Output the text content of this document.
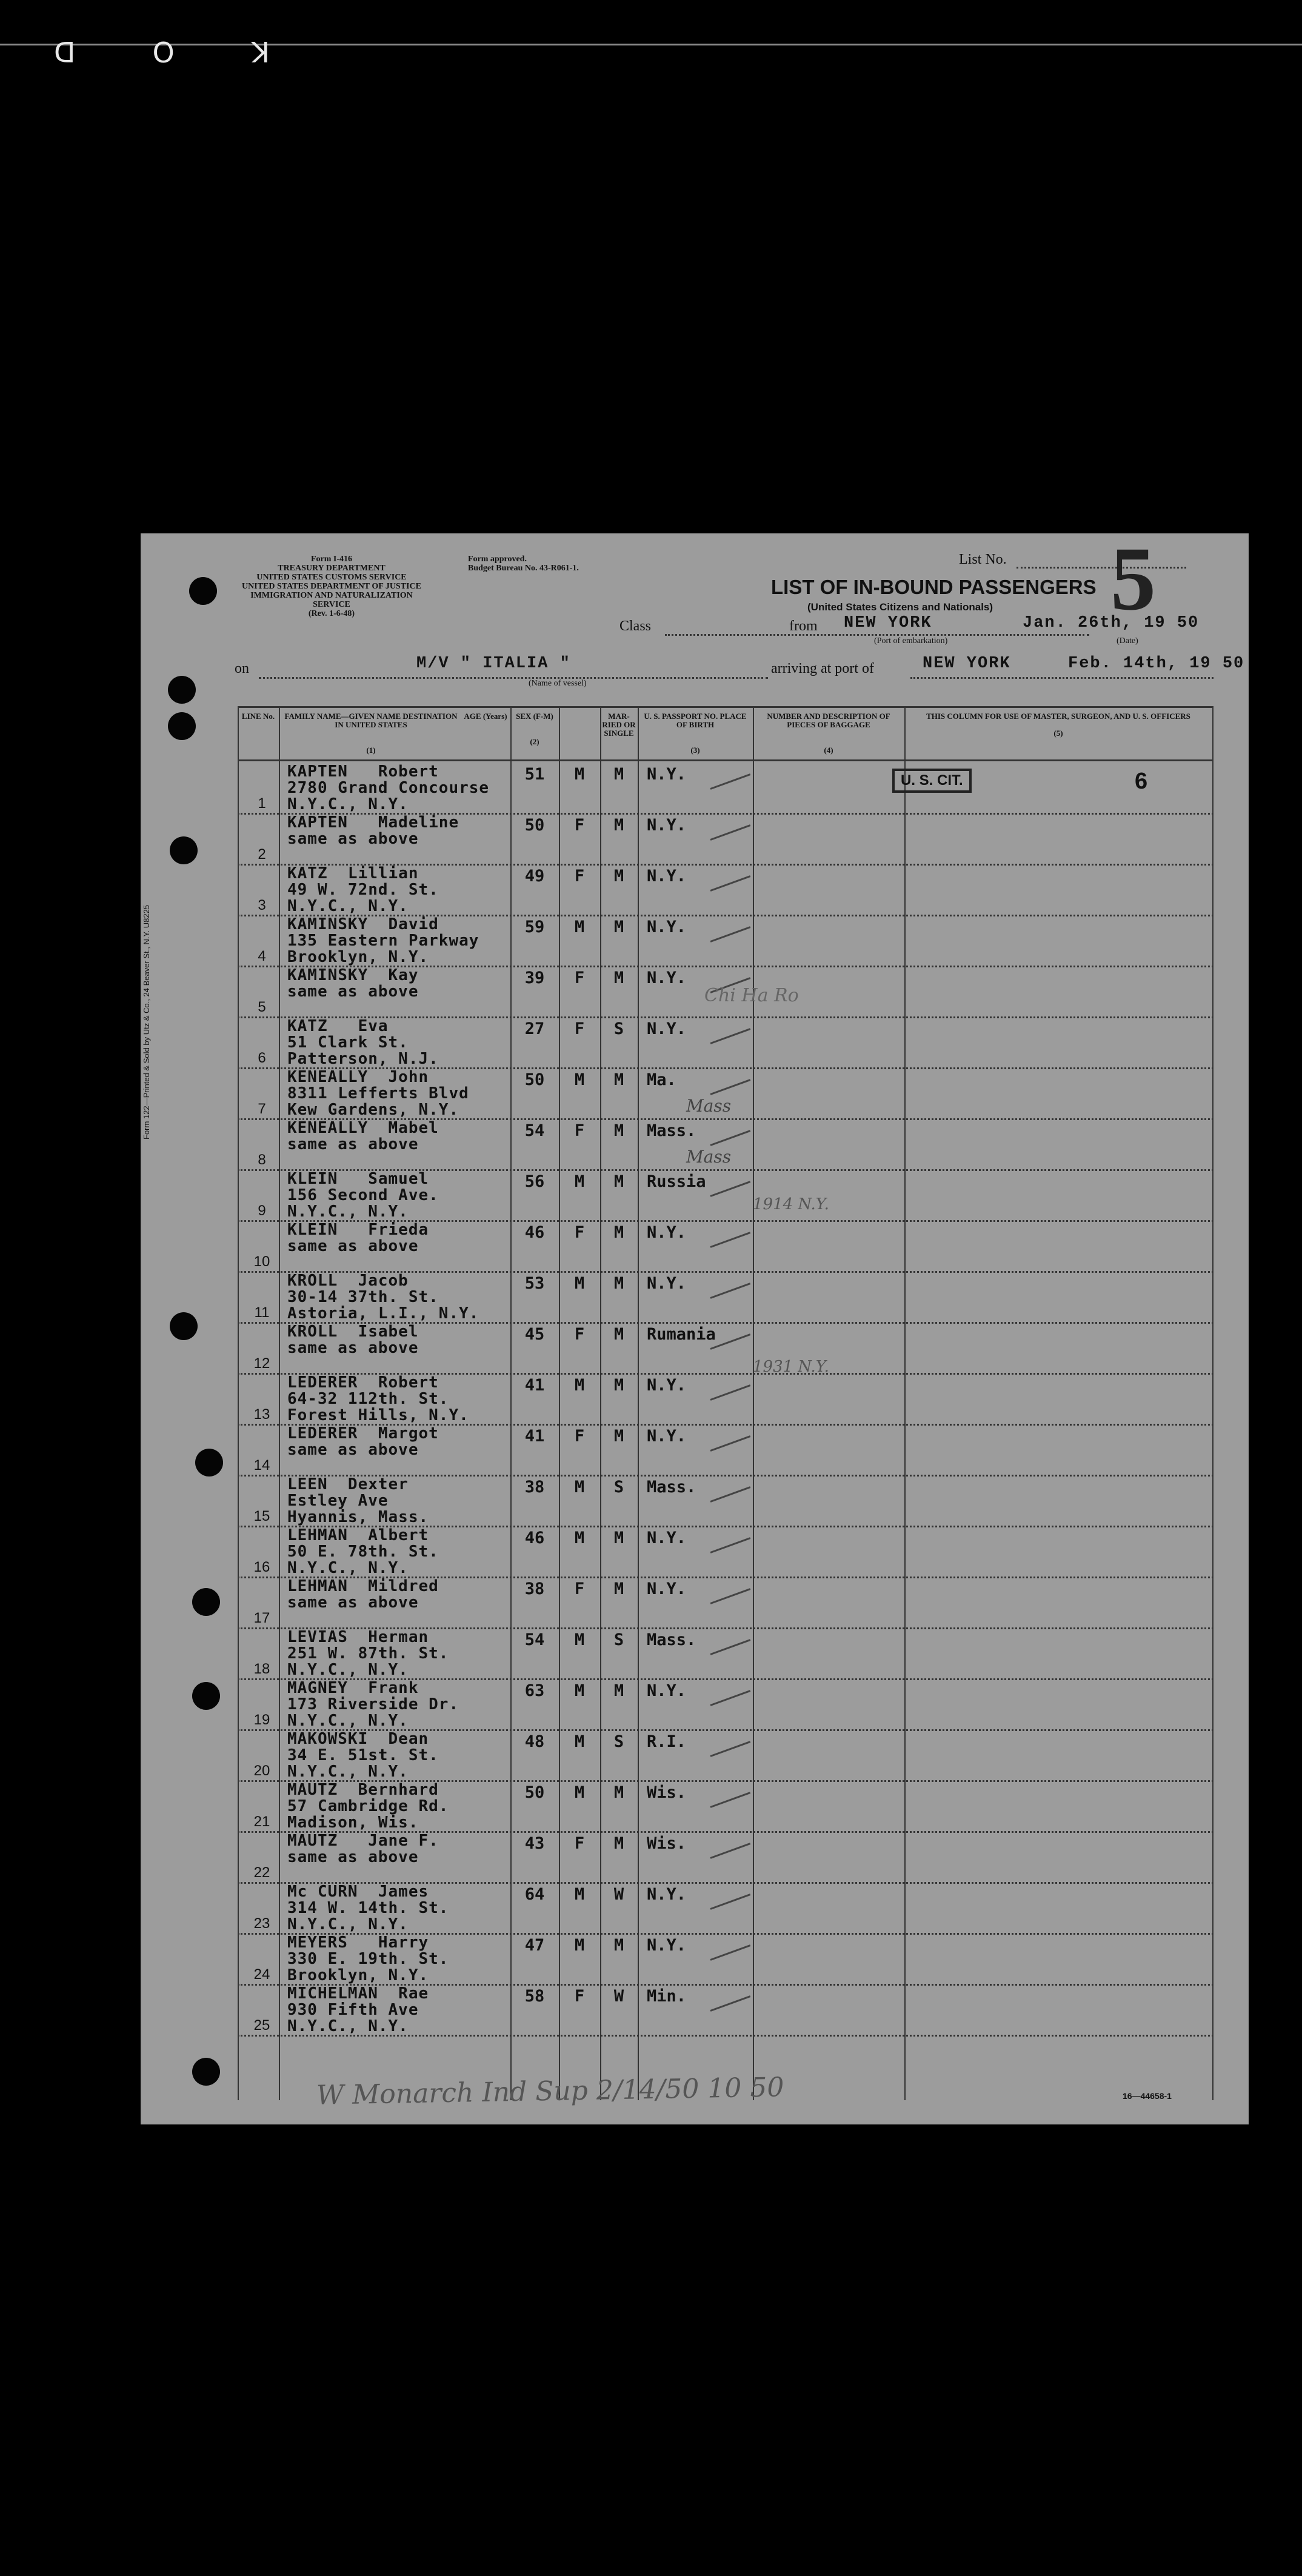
K
O
D
Form 122—Printed & Sold by Utz & Co., 24 Beaver St., N.Y. U8225
Form I-416
TREASURY DEPARTMENT
UNITED STATES CUSTOMS SERVICE
UNITED STATES DEPARTMENT OF JUSTICE
IMMIGRATION AND NATURALIZATION SERVICE
(Rev. 1-6-48)
Form approved.
Budget Bureau No. 43-R061-1.
List No. 5
LIST OF IN-BOUND PASSENGERS
(United States Citizens and Nationals)
Class	from NEW YORK	Jan. 26th, 19 50
(Port of embarkation)	(Date)
on	M/V " ITALIA "
(Name of vessel)
arriving at port of	NEW YORK	Feb. 14th, 19 50
LINE No.	FAMILY NAME—GIVEN NAME DESTINATION IN UNITED STATES

(1)
AGE (Years)	SEX (F-M)

(2)
MAR- RIED OR SINGLE
U. S. PASSPORT NO. PLACE OF BIRTH

(3)
NUMBER AND DESCRIPTION OF PIECES OF BAGGAGE

(4)
THIS COLUMN FOR USE OF MASTER, SURGEON, AND U. S. OFFICERS

(5)
1
KAPTEN   Robert
2780 Grand Concourse
N.Y.C., N.Y.
51	M	M	N.Y.
2
KAPTEN   Madeline
same as above
50	F	M	N.Y.
3
KATZ  Lillian
49 W. 72nd. St.
N.Y.C., N.Y.
49	F	M	N.Y.
4
KAMINSKY  David
135 Eastern Parkway
Brooklyn, N.Y.
59	M	M	N.Y.
5
KAMINSKY  Kay
same as above
39	F	M	N.Y.
6
KATZ   Eva
51 Clark St.
Patterson, N.J.
27	F	S	N.Y.
7
KENEALLY  John
8311 Lefferts Blvd
Kew Gardens, N.Y.
50	M	M	Ma.
8
KENEALLY  Mabel
same as above
54	F	M	Mass.
9
KLEIN   Samuel
156 Second Ave.
N.Y.C., N.Y.
56	M	M	Russia
10
KLEIN   Frieda
same as above
46	F	M	N.Y.
11
KROLL  Jacob
30-14 37th. St.
Astoria, L.I., N.Y.
53	M	M	N.Y.
12
KROLL  Isabel
same as above
45	F	M	Rumania
13
LEDERER  Robert
64-32 112th. St.
Forest Hills, N.Y.
41	M	M	N.Y.
14
LEDERER  Margot
same as above
41	F	M	N.Y.
15
LEEN  Dexter
Estley Ave
Hyannis, Mass.
38	M	S	Mass.
16
LEHMAN  Albert
50 E. 78th. St.
N.Y.C., N.Y.
46	M	M	N.Y.
17
LEHMAN  Mildred
same as above
38	F	M	N.Y.
18
LEVIAS  Herman
251 W. 87th. St.
N.Y.C., N.Y.
54	M	S	Mass.
19
MAGNEY  Frank
173 Riverside Dr.
N.Y.C., N.Y.
63	M	M	N.Y.
20
MAKOWSKI  Dean
34 E. 51st. St.
N.Y.C., N.Y.
48	M	S	R.I.
21
MAUTZ  Bernhard
57 Cambridge Rd.
Madison, Wis.
50	M	M	Wis.
22
MAUTZ   Jane F.
same as above
43	F	M	Wis.
23
Mc CURN  James
314 W. 14th. St.
N.Y.C., N.Y.
64	M	W	N.Y.
24
MEYERS   Harry
330 E. 19th. St.
Brooklyn, N.Y.
47	M	M	N.Y.
25
MICHELMAN  Rae
930 Fifth Ave
N.Y.C., N.Y.
58	F	W	Min.
U. S. CIT.	6
Chi Ha Ro
Mass
Mass
1914 N.Y.
1931 N.Y.
W Monarch Ind Sup 2/14/50 10 50	16—44658-1
